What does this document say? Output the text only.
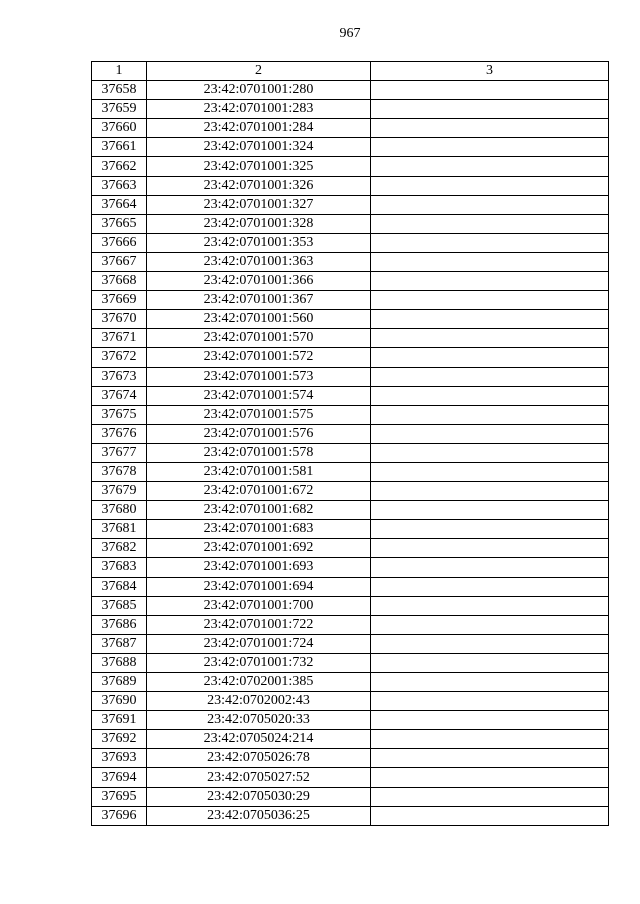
967
1	2	3
37658	23:42:0701001:280	
37659	23:42:0701001:283	
37660	23:42:0701001:284	
37661	23:42:0701001:324	
37662	23:42:0701001:325	
37663	23:42:0701001:326	
37664	23:42:0701001:327	
37665	23:42:0701001:328	
37666	23:42:0701001:353	
37667	23:42:0701001:363	
37668	23:42:0701001:366	
37669	23:42:0701001:367	
37670	23:42:0701001:560	
37671	23:42:0701001:570	
37672	23:42:0701001:572	
37673	23:42:0701001:573	
37674	23:42:0701001:574	
37675	23:42:0701001:575	
37676	23:42:0701001:576	
37677	23:42:0701001:578	
37678	23:42:0701001:581	
37679	23:42:0701001:672	
37680	23:42:0701001:682	
37681	23:42:0701001:683	
37682	23:42:0701001:692	
37683	23:42:0701001:693	
37684	23:42:0701001:694	
37685	23:42:0701001:700	
37686	23:42:0701001:722	
37687	23:42:0701001:724	
37688	23:42:0701001:732	
37689	23:42:0702001:385	
37690	23:42:0702002:43	
37691	23:42:0705020:33	
37692	23:42:0705024:214	
37693	23:42:0705026:78	
37694	23:42:0705027:52	
37695	23:42:0705030:29	
37696	23:42:0705036:25	
